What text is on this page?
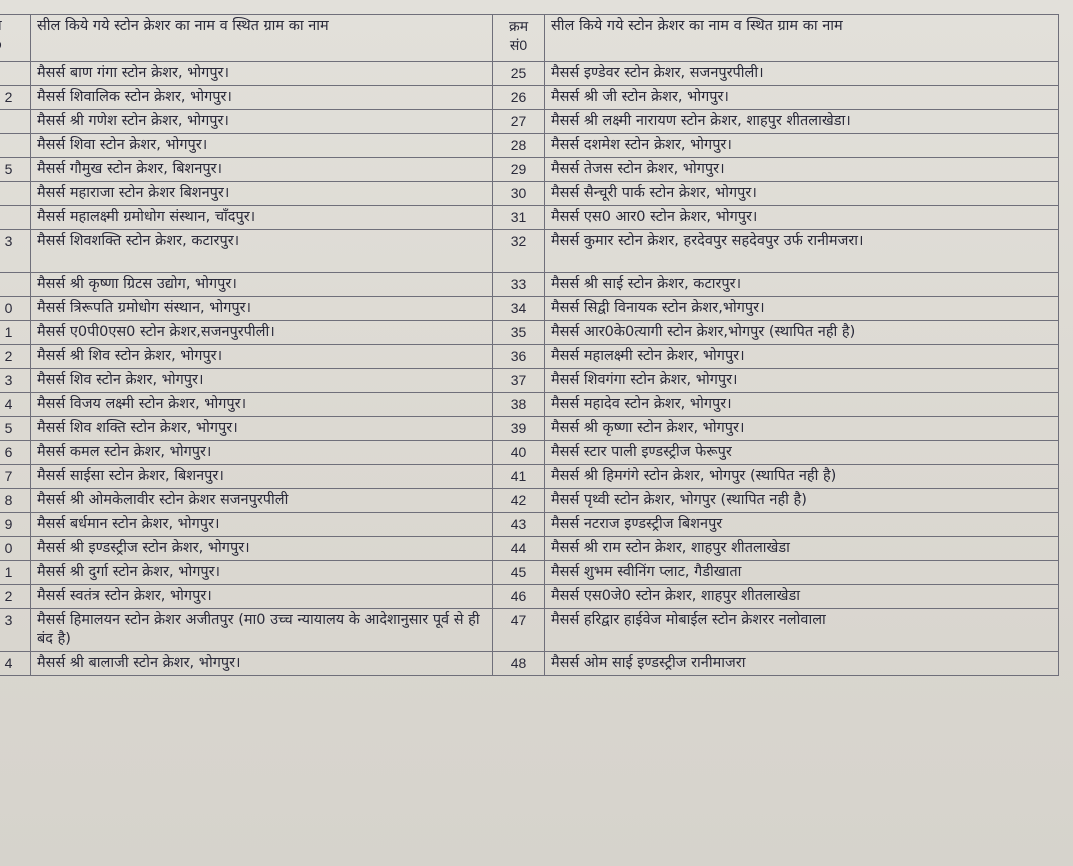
	सील किये गये स्टोन क्रेशर का नाम व स्थित ग्राम का नाम	क्रम सं0	सील किये गये स्टोन क्रेशर का नाम व स्थित ग्राम का नाम
	मैसर्स बाण गंगा स्टोन क्रेशर, भोगपुर।	25	मैसर्स इण्डेवर स्टोन क्रेशर, सजनपुरपीली।
2	मैसर्स शिवालिक स्टोन क्रेशर, भोगपुर।	26	मैसर्स श्री जी स्टोन क्रेशर, भोगपुर।
	मैसर्स श्री गणेश स्टोन क्रेशर, भोगपुर।	27	मैसर्स श्री लक्ष्मी नारायण स्टोन क्रेशर, शाहपुर शीतलाखेडा।
	मैसर्स शिवा स्टोन क्रेशर, भोगपुर।	28	मैसर्स दशमेश स्टोन क्रेशर, भोगपुर।
5	मैसर्स गौमुख स्टोन क्रेशर, बिशनपुर।	29	मैसर्स तेजस स्टोन क्रेशर, भोगपुर।
	मैसर्स महाराजा स्टोन क्रेशर बिशनपुर।	30	मैसर्स सैन्चूरी पार्क स्टोन क्रेशर, भोगपुर।
	मैसर्स महालक्ष्मी ग्रमोधोग संस्थान, चाँदपुर।	31	मैसर्स एस0 आर0 स्टोन क्रेशर, भोगपुर।
3	मैसर्स शिवशक्ति स्टोन क्रेशर, कटारपुर।	32	मैसर्स कुमार स्टोन क्रेशर, हरदेवपुर सहदेवपुर उर्फ रानीमजरा।
	मैसर्स श्री कृष्णा ग्रिटस उद्योग, भोगपुर।	33	मैसर्स श्री साई स्टोन क्रेशर, कटारपुर।
0	मैसर्स त्रिरूपति ग्रमोधोग संस्थान, भोगपुर।	34	मैसर्स सिद्वी विनायक स्टोन क्रेशर,भोगपुर।
1	मैसर्स ए0पी0एस0 स्टोन क्रेशर,सजनपुरपीली।	35	मैसर्स आर0के0त्यागी स्टोन क्रेशर,भोगपुर (स्थापित नही है)
2	मैसर्स श्री शिव स्टोन क्रेशर, भोगपुर।	36	मैसर्स महालक्ष्मी स्टोन क्रेशर, भोगपुर।
3	मैसर्स शिव स्टोन क्रेशर, भोगपुर।	37	मैसर्स शिवगंगा स्टोन क्रेशर, भोगपुर।
4	मैसर्स विजय लक्ष्मी स्टोन क्रेशर, भोगपुर।	38	मैसर्स महादेव स्टोन क्रेशर, भोगपुर।
5	मैसर्स शिव शक्ति स्टोन क्रेशर, भोगपुर।	39	मैसर्स श्री कृष्णा स्टोन क्रेशर, भोगपुर।
6	मैसर्स कमल स्टोन क्रेशर, भोगपुर।	40	मैसर्स स्टार पाली इण्डस्ट्रीज फेरूपुर
7	मैसर्स साईसा स्टोन क्रेशर, बिशनपुर।	41	मैसर्स श्री हिमगंगे स्टोन क्रेशर, भोगपुर (स्थापित नही है)
8	मैसर्स श्री ओमकेलावीर स्टोन क्रेशर सजनपुरपीली	42	मैसर्स पृथ्वी स्टोन क्रेशर, भोगपुर (स्थापित नही है)
9	मैसर्स बर्धमान स्टोन क्रेशर, भोगपुर।	43	मैसर्स नटराज इण्डस्ट्रीज बिशनपुर
0	मैसर्स श्री इण्डस्ट्रीज स्टोन क्रेशर, भोगपुर।	44	मैसर्स श्री राम स्टोन क्रेशर, शाहपुर शीतलाखेडा
1	मैसर्स श्री दुर्गा स्टोन क्रेशर, भोगपुर।	45	मैसर्स शुभम स्वीनिंग प्लाट, गैडीखाता
2	मैसर्स स्वतंत्र स्टोन क्रेशर, भोगपुर।	46	मैसर्स एस0जे0 स्टोन क्रेशर, शाहपुर शीतलाखेडा
3	मैसर्स हिमालयन स्टोन क्रेशर अजीतपुर (मा0 उच्च न्यायालय के आदेशानुसार पूर्व से ही बंद है)	47	मैसर्स हरिद्वार हाईवेज मोबाईल स्टोन क्रेशरर नलोवाला
4	मैसर्स श्री बालाजी स्टोन क्रेशर, भोगपुर।	48	मैसर्स ओम साई इण्डस्ट्रीज रानीमाजरा
